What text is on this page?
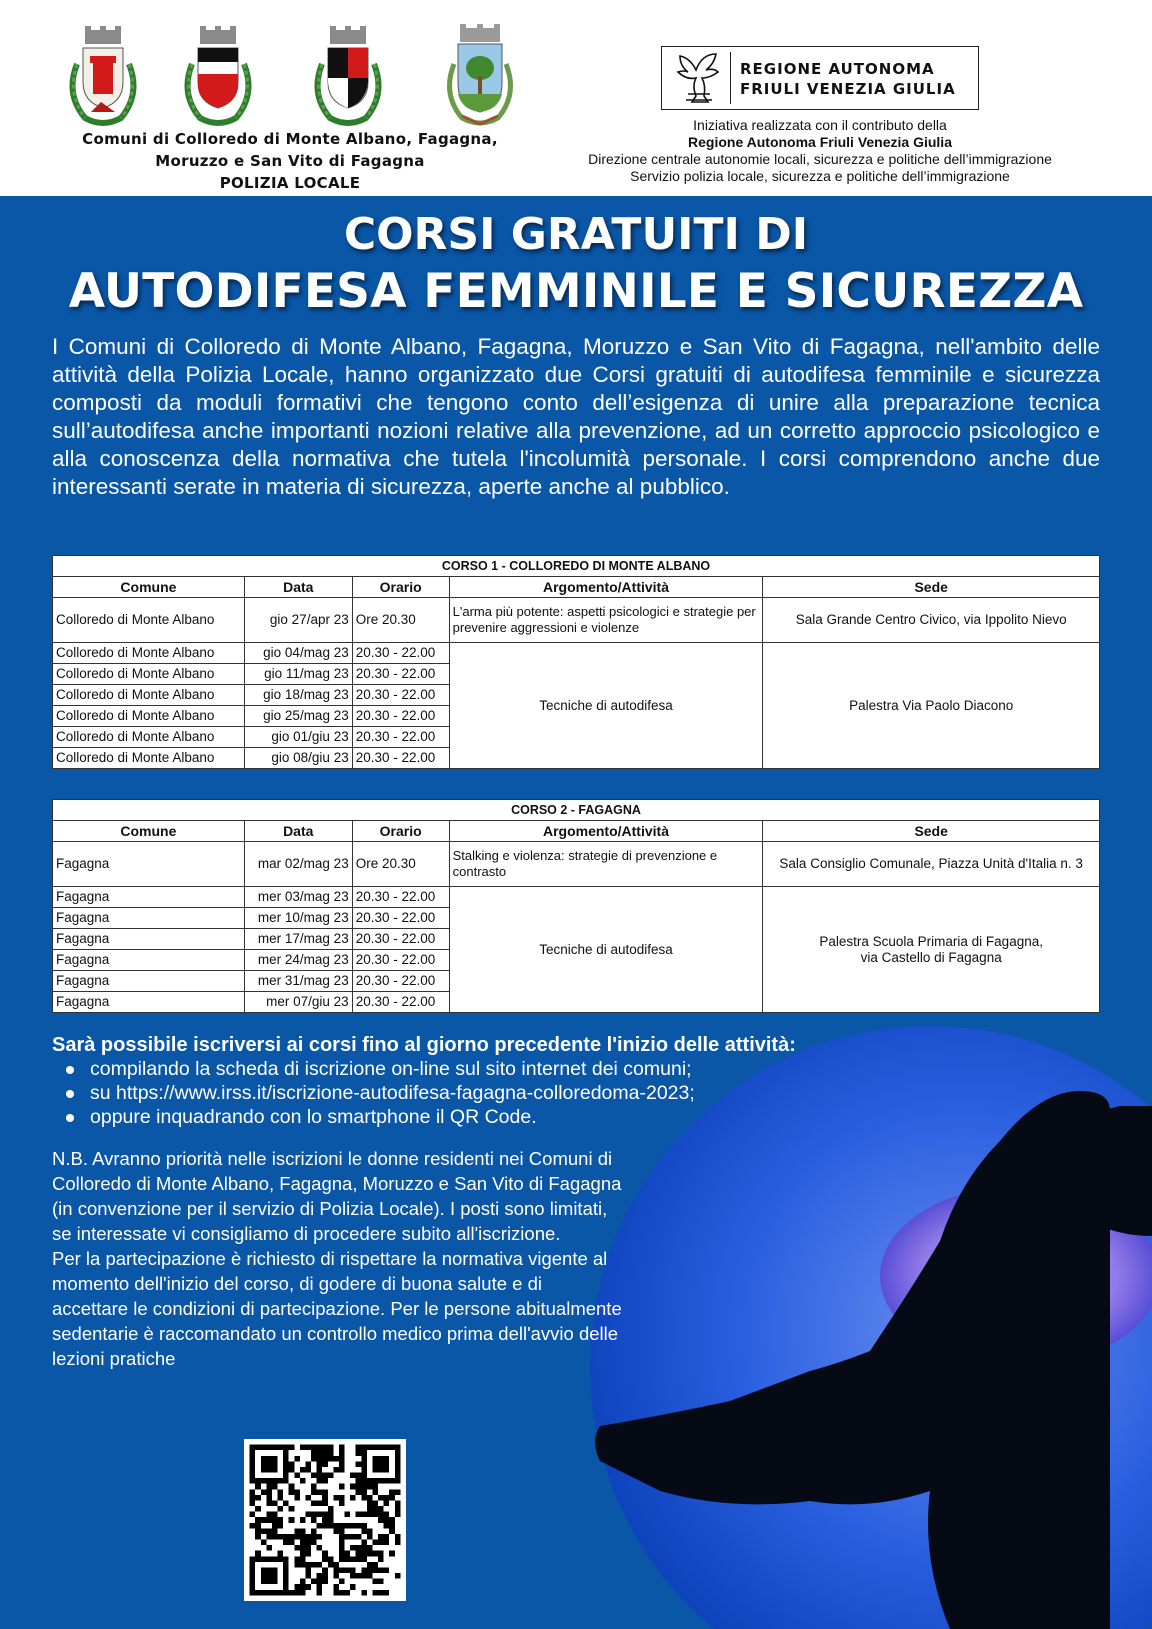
Comuni di Colloredo di Monte Albano, Fagagna,
Moruzzo e San Vito di Fagagna
POLIZIA LOCALE
REGIONE AUTONOMA
FRIULI VENEZIA GIULIA
Iniziativa realizzata con il contributo della
Regione Autonoma Friuli Venezia Giulia
Direzione centrale autonomie locali, sicurezza e politiche dell’immigrazione
Servizio polizia locale, sicurezza e politiche dell’immigrazione
CORSI GRATUITI DI
AUTODIFESA FEMMINILE E SICUREZZA
I Comuni di Colloredo di Monte Albano, Fagagna, Moruzzo e San Vito di Fagagna, nell'ambito delle attività della Polizia Locale, hanno organizzato due Corsi gratuiti di autodifesa femminile e sicurezza composti da moduli formativi che tengono conto dell’esigenza di unire alla preparazione tecnica sull’autodifesa anche importanti nozioni relative alla prevenzione, ad un corretto approccio psicologico e alla conoscenza della normativa che tutela l'incolumità personale. I corsi comprendono anche due interessanti serate in materia di sicurezza, aperte anche al pubblico.
CORSO 1 - COLLOREDO DI MONTE ALBANO				
Comune	Data	Orario	Argomento/Attività	Sede
Colloredo di Monte Albano	gio 27/apr 23	Ore 20.30	L'arma più potente: aspetti psicologici e strategie per prevenire aggressioni e violenze	Sala Grande Centro Civico, via Ippolito Nievo
Colloredo di Monte Albano	gio 04/mag 23	20.30 - 22.00	Tecniche di autodifesa	Palestra Via Paolo Diacono
Colloredo di Monte Albano	gio 11/mag 23	20.30 - 22.00		
Colloredo di Monte Albano	gio 18/mag 23	20.30 - 22.00		
Colloredo di Monte Albano	gio 25/mag 23	20.30 - 22.00		
Colloredo di Monte Albano	gio 01/giu 23	20.30 - 22.00		
Colloredo di Monte Albano	gio 08/giu 23	20.30 - 22.00		
CORSO 2 - FAGAGNA				
Comune	Data	Orario	Argomento/Attività	Sede
Fagagna	mar 02/mag 23	Ore 20.30	Stalking e violenza: strategie di prevenzione e contrasto	Sala Consiglio Comunale, Piazza Unità d'Italia n. 3
Fagagna	mer 03/mag 23	20.30 - 22.00	Tecniche di autodifesa	Palestra Scuola Primaria di Fagagna,
via Castello di Fagagna

Fagagna	mer 10/mag 23	20.30 - 22.00		
Fagagna	mer 17/mag 23	20.30 - 22.00		
Fagagna	mer 24/mag 23	20.30 - 22.00		
Fagagna	mer 31/mag 23	20.30 - 22.00		
Fagagna	mer 07/giu 23	20.30 - 22.00		
Sarà possibile iscriversi ai corsi fino al giorno precedente l'inizio delle attività:
compilando la scheda di iscrizione on-line sul sito internet dei comuni;
su https://www.irss.it/iscrizione-autodifesa-fagagna-colloredoma-2023;
oppure inquadrando con lo smartphone il QR Code.
N.B. Avranno priorità nelle iscrizioni le donne residenti nei Comuni di Colloredo di Monte Albano, Fagagna, Moruzzo e San Vito di Fagagna (in convenzione per il servizio di Polizia Locale). I posti sono limitati, se interessate vi consigliamo di procedere subito all'iscrizione.
Per la partecipazione è richiesto di rispettare la normativa vigente al momento dell'inizio del corso, di godere di buona salute e di accettare le condizioni di partecipazione. Per le persone abitualmente sedentarie è raccomandato un controllo medico prima dell'avvio delle lezioni pratiche
